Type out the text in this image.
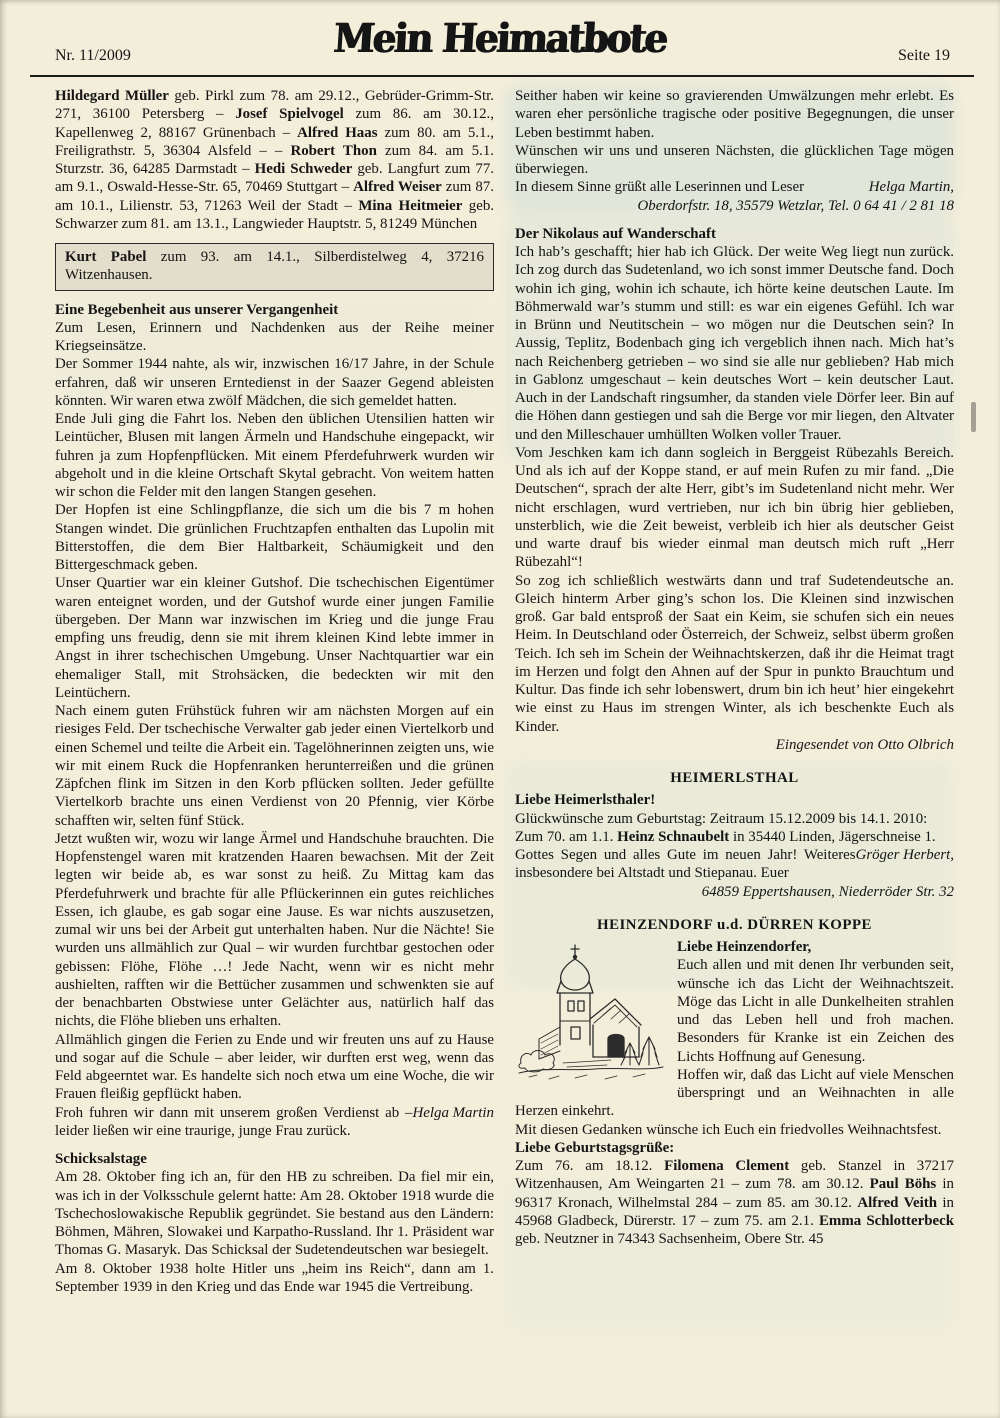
Nr. 11/2009	Mein Heimatbote	Seite 19

Hildegard Müller geb. Pirkl zum 78. am 29.12., Gebrüder-Grimm-Str. 271, 36100 Petersberg – Josef Spielvogel zum 86. am 30.12., Kapellenweg 2, 88167 Grünenbach – Alfred Haas zum 80. am 5.1., Freiligrathstr. 5, 36304 Alsfeld – – Robert Thon zum 84. am 5.1. Sturzstr. 36, 64285 Darmstadt – Hedi Schweder geb. Langfurt zum 77. am 9.1., Oswald-Hesse-Str. 65, 70469 Stuttgart – Alfred Weiser zum 87. am 10.1., Lilienstr. 53, 71263 Weil der Stadt – Mina Heitmeier geb. Schwarzer zum 81. am 13.1., Langwieder Hauptstr. 5, 81249 München

Kurt Pabel zum 93. am 14.1., Silberdistelweg 4, 37216 Witzenhausen.

Eine Begebenheit aus unserer Vergangenheit

Zum Lesen, Erinnern und Nachdenken aus der Reihe meiner Kriegseinsätze.

Der Sommer 1944 nahte, als wir, inzwischen 16/17 Jahre, in der Schule erfahren, daß wir unseren Erntedienst in der Saazer Gegend ableisten könnten. Wir waren etwa zwölf Mädchen, die sich gemeldet hatten.

Ende Juli ging die Fahrt los. Neben den üblichen Utensilien hatten wir Leintücher, Blusen mit langen Ärmeln und Handschuhe eingepackt, wir fuhren ja zum Hopfenpflücken. Mit einem Pferdefuhrwerk wurden wir abgeholt und in die kleine Ortschaft Skytal gebracht. Von weitem hatten wir schon die Felder mit den langen Stangen gesehen.

Der Hopfen ist eine Schlingpflanze, die sich um die bis 7 m hohen Stangen windet. Die grünlichen Fruchtzapfen enthalten das Lupolin mit Bitterstoffen, die dem Bier Haltbarkeit, Schäumigkeit und den Bittergeschmack geben.

Unser Quartier war ein kleiner Gutshof. Die tschechischen Eigentümer waren enteignet worden, und der Gutshof wurde einer jungen Familie übergeben. Der Mann war inzwischen im Krieg und die junge Frau empfing uns freudig, denn sie mit ihrem kleinen Kind lebte immer in Angst in ihrer tschechischen Umgebung. Unser Nachtquartier war ein ehemaliger Stall, mit Strohsäcken, die bedeckten wir mit den Leintüchern.

Nach einem guten Frühstück fuhren wir am nächsten Morgen auf ein riesiges Feld. Der tschechische Verwalter gab jeder einen Viertelkorb und einen Schemel und teilte die Arbeit ein. Tagelöhnerinnen zeigten uns, wie wir mit einem Ruck die Hopfenranken herunterreißen und die grünen Zäpfchen flink im Sitzen in den Korb pflücken sollten. Jeder gefüllte Viertelkorb brachte uns einen Verdienst von 20 Pfennig, vier Körbe schafften wir, selten fünf Stück.

Jetzt wußten wir, wozu wir lange Ärmel und Handschuhe brauchten. Die Hopfenstengel waren mit kratzenden Haaren bewachsen. Mit der Zeit legten wir beide ab, es war sonst zu heiß. Zu Mittag kam das Pferdefuhrwerk und brachte für alle Pflückerinnen ein gutes reichliches Essen, ich glaube, es gab sogar eine Jause. Es war nichts auszusetzen, zumal wir uns bei der Arbeit gut unterhalten haben. Nur die Nächte! Sie wurden uns allmählich zur Qual – wir wurden furchtbar gestochen oder gebissen: Flöhe, Flöhe …! Jede Nacht, wenn wir es nicht mehr aushielten, rafften wir die Bettücher zusammen und schwenkten sie auf der benachbarten Obstwiese unter Gelächter aus, natürlich half das nichts, die Flöhe blieben uns erhalten.

Allmählich gingen die Ferien zu Ende und wir freuten uns auf zu Hause und sogar auf die Schule – aber leider, wir durften erst weg, wenn das Feld abgeerntet war. Es handelte sich noch etwa um eine Woche, die wir Frauen fleißig gepflückt haben.

Helga Martin
Froh fuhren wir dann mit unserem großen Verdienst ab – leider ließen wir eine traurige, junge Frau zurück.

Schicksalstage

Am 28. Oktober fing ich an, für den HB zu schreiben. Da fiel mir ein, was ich in der Volksschule gelernt hatte: Am 28. Oktober 1918 wurde die Tschechoslowakische Republik gegründet. Sie bestand aus den Ländern: Böhmen, Mähren, Slowakei und Karpatho-Russland. Ihr 1. Präsident war Thomas G. Masaryk. Das Schicksal der Sudetendeutschen war besiegelt.

Am 8. Oktober 1938 holte Hitler uns „heim ins Reich“, dann am 1. September 1939 in den Krieg und das Ende war 1945 die Vertreibung.

Seither haben wir keine so gravierenden Umwälzungen mehr erlebt. Es waren eher persönliche tragische oder positive Begegnungen, die unser Leben bestimmt haben.

Wünschen wir uns und unseren Nächsten, die glücklichen Tage mögen überwiegen.

Helga Martin,
In diesem Sinne grüßt alle Leserinnen und Leser

Oberdorfstr. 18, 35579 Wetzlar, Tel. 0 64 41 / 2 81 18

Der Nikolaus auf Wanderschaft

Ich hab’s geschafft; hier hab ich Glück. Der weite Weg liegt nun zurück. Ich zog durch das Sudetenland, wo ich sonst immer Deutsche fand. Doch wohin ich ging, wohin ich schaute, ich hörte keine deutschen Laute. Im Böhmerwald war’s stumm und still: es war ein eigenes Gefühl. Ich war in Brünn und Neutitschein – wo mögen nur die Deutschen sein? In Aussig, Teplitz, Bodenbach ging ich vergeblich ihnen nach. Mich hat’s nach Reichenberg getrieben – wo sind sie alle nur geblieben? Hab mich in Gablonz umgeschaut – kein deutsches Wort – kein deutscher Laut. Auch in der Landschaft ringsumher, da standen viele Dörfer leer. Bin auf die Höhen dann gestiegen und sah die Berge vor mir liegen, den Altvater und den Milleschauer umhüllten Wolken voller Trauer.

Vom Jeschken kam ich dann sogleich in Berggeist Rübezahls Bereich. Und als ich auf der Koppe stand, er auf mein Rufen zu mir fand. „Die Deutschen“, sprach der alte Herr, gibt’s im Sudetenland nicht mehr. Wer nicht erschlagen, wurd vertrieben, nur ich bin übrig hier geblieben, unsterblich, wie die Zeit beweist, verbleib ich hier als deutscher Geist und warte drauf bis wieder einmal man deutsch mich ruft „Herr Rübezahl“!

So zog ich schließlich westwärts dann und traf Sudetendeutsche an. Gleich hinterm Arber ging’s schon los. Die Kleinen sind inzwischen groß. Gar bald entsproß der Saat ein Keim, sie schufen sich ein neues Heim. In Deutschland oder Österreich, der Schweiz, selbst überm großen Teich. Ich seh im Schein der Weihnachtskerzen, daß ihr die Heimat tragt im Herzen und folgt den Ahnen auf der Spur in punkto Brauchtum und Kultur. Das finde ich sehr lobenswert, drum bin ich heut’ hier eingekehrt wie einst zu Haus im strengen Winter, als ich beschenkte Euch als Kinder.

Eingesendet von Otto Olbrich

HEIMERLSTHAL

Liebe Heimerlsthaler!

Glückwünsche zum Geburtstag: Zeitraum 15.12.2009 bis 14.1. 2010:

Zum 70. am 1.1. Heinz Schnaubelt in 35440 Linden, Jägerschneise 1.

Gröger Herbert,
Gottes Segen und alles Gute im neuen Jahr! Weiteres insbesondere bei Altstadt und Stiepanau. Euer

64859 Eppertshausen, Niederröder Str. 32

HEINZENDORF u.d. DÜRREN KOPPE

Liebe Heinzendorfer,

Euch allen und mit denen Ihr verbunden seit, wünsche ich das Licht der Weihnachtszeit. Möge das Licht in alle Dunkelheiten strahlen und das Leben hell und froh machen. Besonders für Kranke ist ein Zeichen des Lichts Hoffnung auf Genesung.

Hoffen wir, daß das Licht auf viele Menschen überspringt und an Weihnachten in alle Herzen einkehrt.

Mit diesen Gedanken wünsche ich Euch ein friedvolles Weihnachtsfest.

Liebe Geburtstagsgrüße:

Zum 76. am 18.12. Filomena Clement geb. Stanzel in 37217 Witzenhausen, Am Weingarten 21 – zum 78. am 30.12. Paul Böhs in 96317 Kronach, Wilhelmstal 284 – zum 85. am 30.12. Alfred Veith in 45968 Gladbeck, Dürerstr. 17 – zum 75. am 2.1. Emma Schlotterbeck geb. Neutzner in 74343 Sachsenheim, Obere Str. 45
